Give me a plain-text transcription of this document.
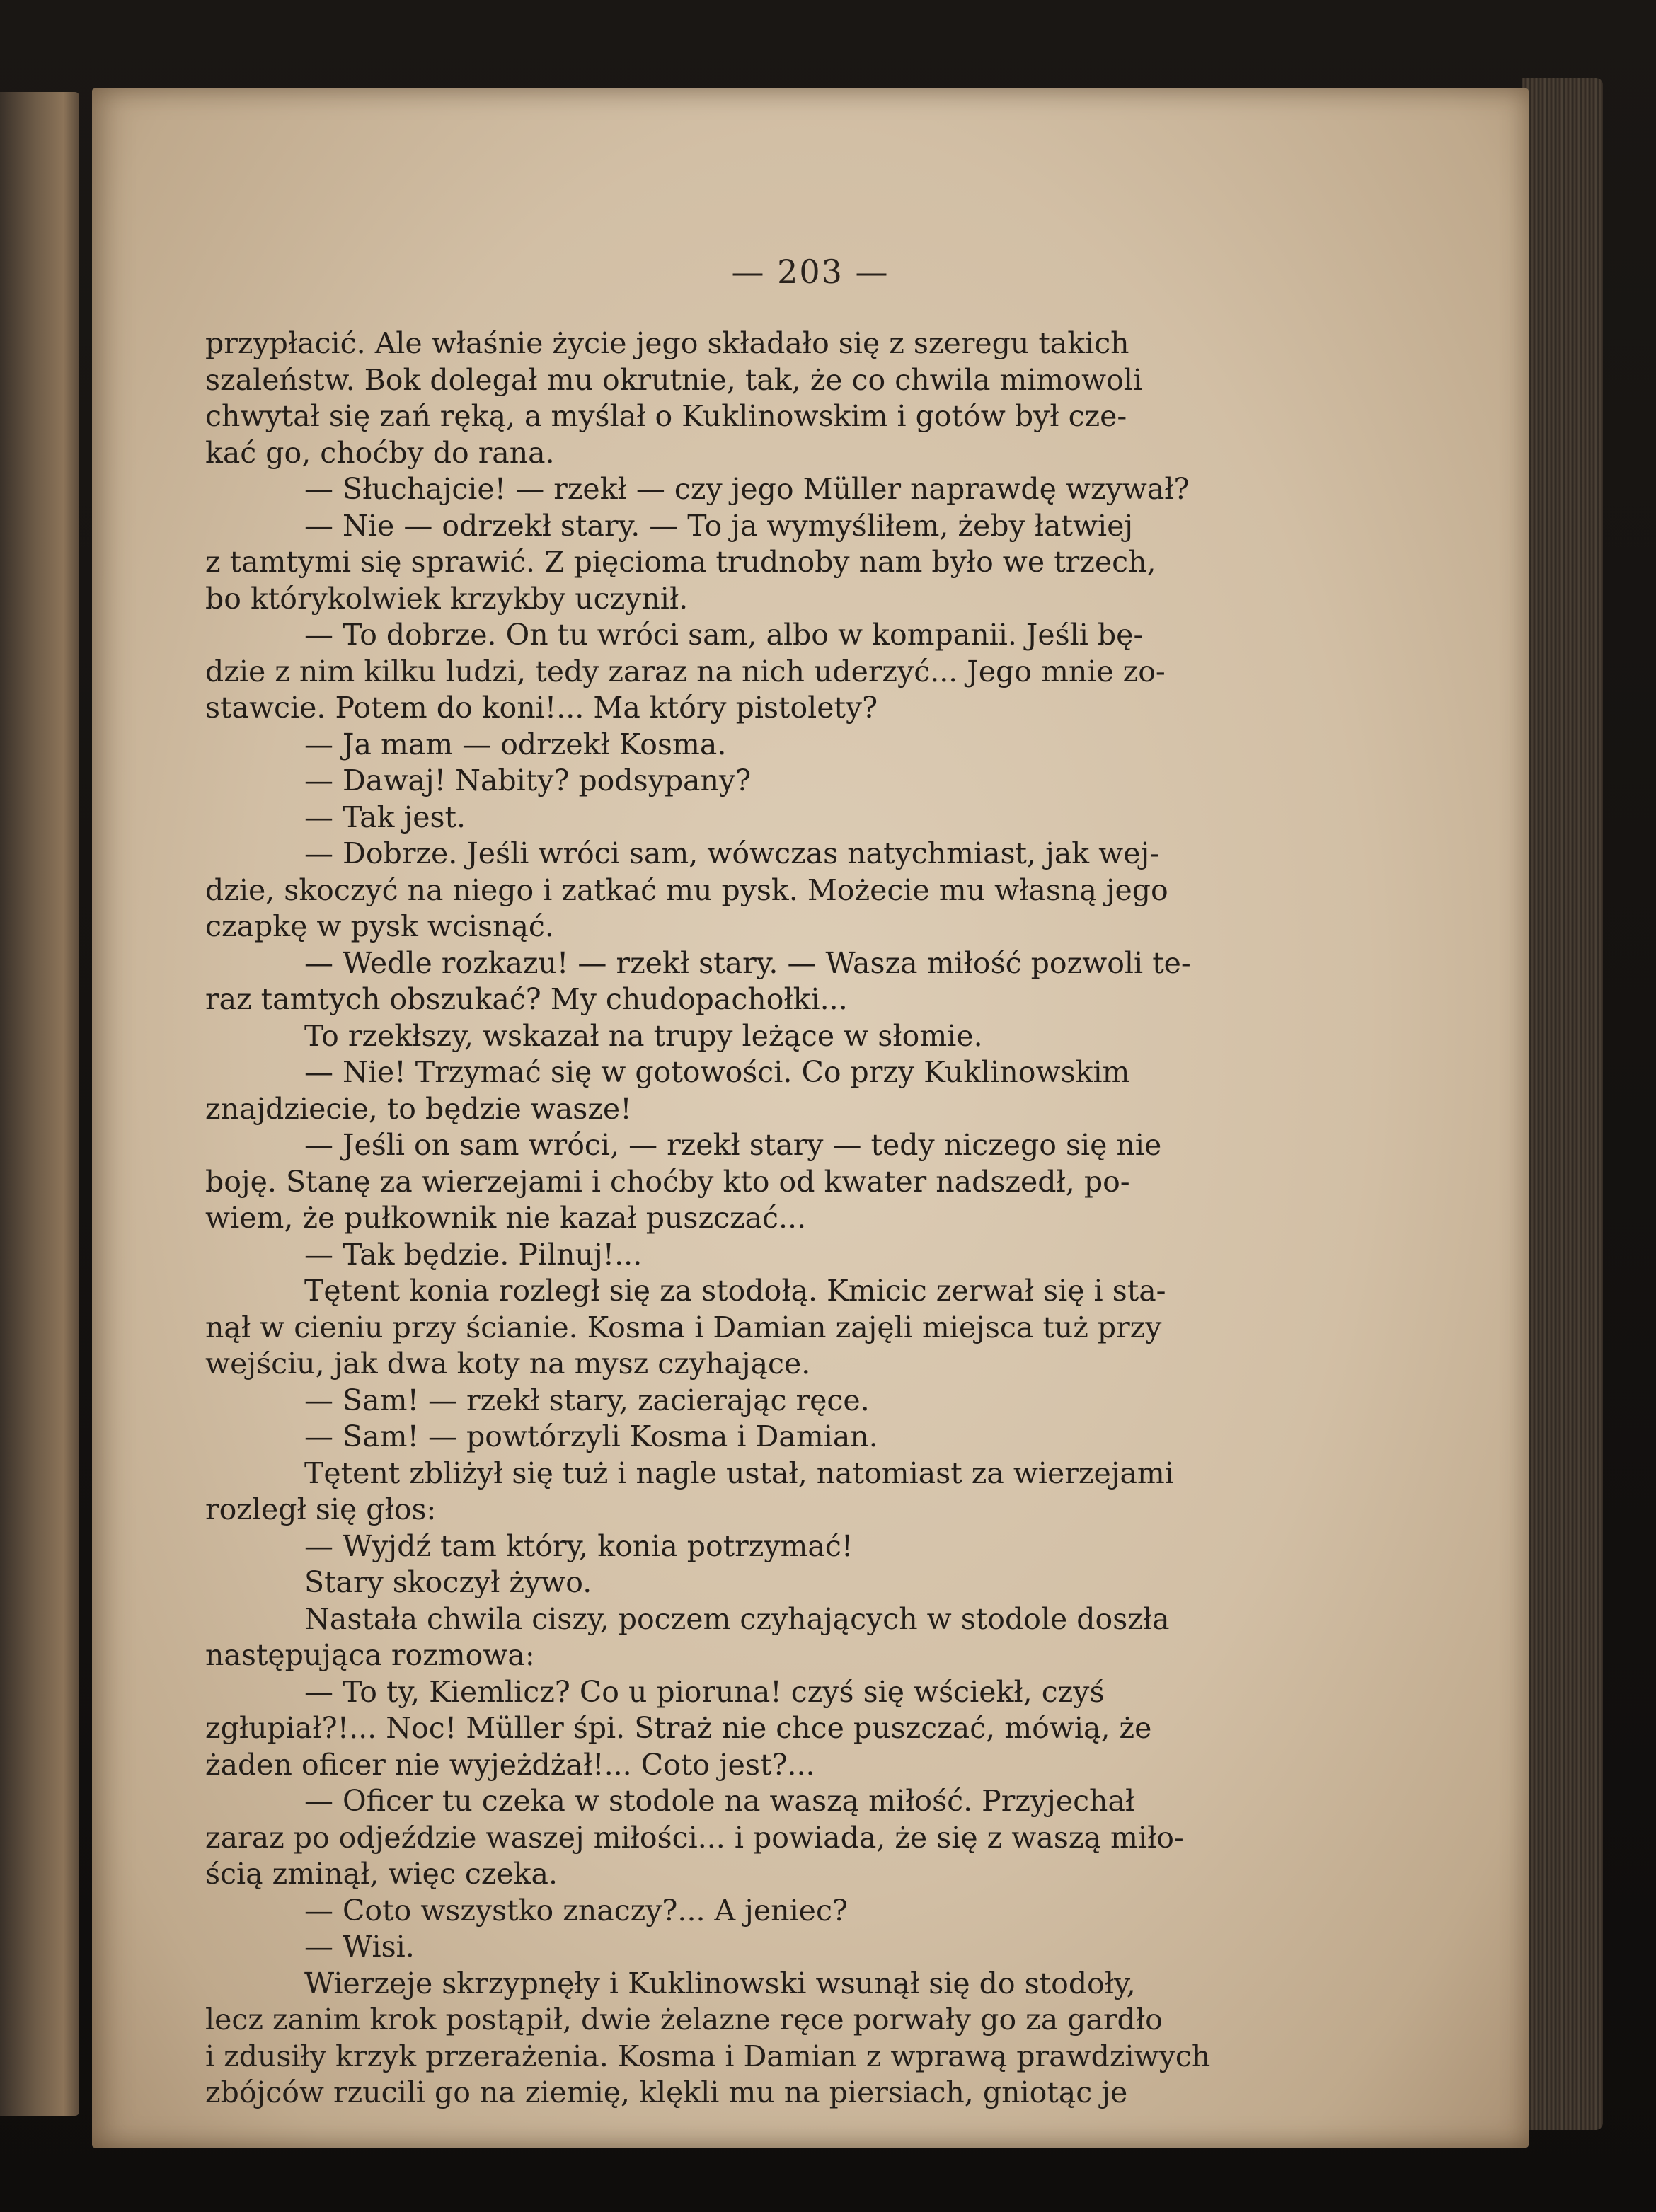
— 203 —
przypłacić. Ale właśnie życie jego składało się z szeregu takich
szaleństw. Bok dolegał mu okrutnie, tak, że co chwila mimowoli
chwytał się zań ręką, a myślał o Kuklinowskim i gotów był cze-
kać go, choćby do rana.
— Słuchajcie! — rzekł — czy jego Müller naprawdę wzywał?
— Nie — odrzekł stary. — To ja wymyśliłem, żeby łatwiej
z tamtymi się sprawić. Z pięcioma trudnoby nam było we trzech,
bo którykolwiek krzykby uczynił.
— To dobrze. On tu wróci sam, albo w kompanii. Jeśli bę-
dzie z nim kilku ludzi, tedy zaraz na nich uderzyć... Jego mnie zo-
stawcie. Potem do koni!... Ma który pistolety?
— Ja mam — odrzekł Kosma.
— Dawaj! Nabity? podsypany?
— Tak jest.
— Dobrze. Jeśli wróci sam, wówczas natychmiast, jak wej-
dzie, skoczyć na niego i zatkać mu pysk. Możecie mu własną jego
czapkę w pysk wcisnąć.
— Wedle rozkazu! — rzekł stary. — Wasza miłość pozwoli te-
raz tamtych obszukać? My chudopachołki...
To rzekłszy, wskazał na trupy leżące w słomie.
— Nie! Trzymać się w gotowości. Co przy Kuklinowskim
znajdziecie, to będzie wasze!
— Jeśli on sam wróci, — rzekł stary — tedy niczego się nie
boję. Stanę za wierzejami i choćby kto od kwater nadszedł, po-
wiem, że pułkownik nie kazał puszczać...
— Tak będzie. Pilnuj!...
Tętent konia rozległ się za stodołą. Kmicic zerwał się i sta-
nął w cieniu przy ścianie. Kosma i Damian zajęli miejsca tuż przy
wejściu, jak dwa koty na mysz czyhające.
— Sam! — rzekł stary, zacierając ręce.
— Sam! — powtórzyli Kosma i Damian.
Tętent zbliżył się tuż i nagle ustał, natomiast za wierzejami
rozległ się głos:
— Wyjdź tam który, konia potrzymać!
Stary skoczył żywo.
Nastała chwila ciszy, poczem czyhających w stodole doszła
następująca rozmowa:
— To ty, Kiemlicz? Co u pioruna! czyś się wściekł, czyś
zgłupiał?!... Noc! Müller śpi. Straż nie chce puszczać, mówią, że
żaden oficer nie wyjeżdżał!... Coto jest?...
— Oficer tu czeka w stodole na waszą miłość. Przyjechał
zaraz po odjeździe waszej miłości... i powiada, że się z waszą miło-
ścią zminął, więc czeka.
— Coto wszystko znaczy?... A jeniec?
— Wisi.
Wierzeje skrzypnęły i Kuklinowski wsunął się do stodoły,
lecz zanim krok postąpił, dwie żelazne ręce porwały go za gardło
i zdusiły krzyk przerażenia. Kosma i Damian z wprawą prawdziwych
zbójców rzucili go na ziemię, klękli mu na piersiach, gniotąc je
